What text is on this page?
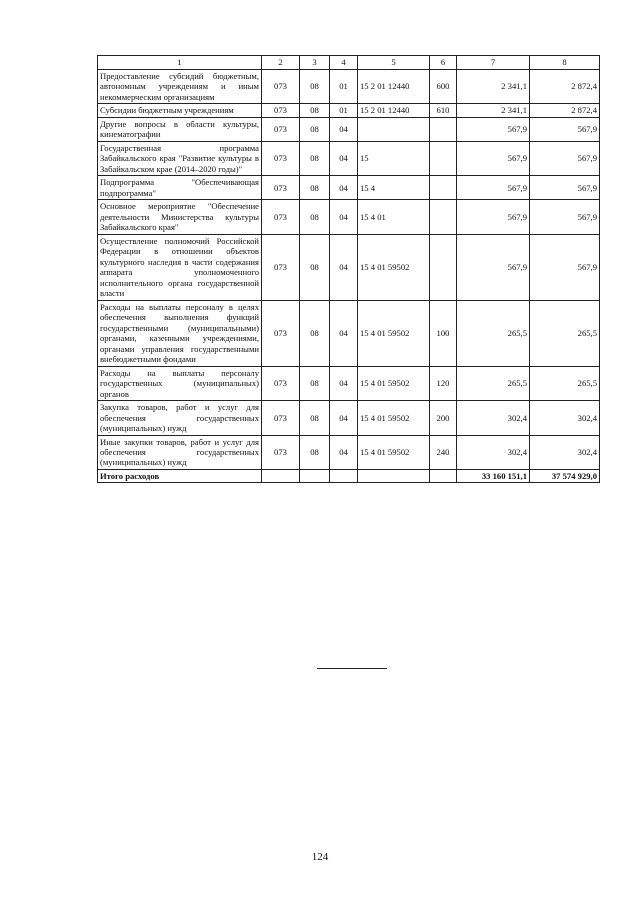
1	2	3	4	5	6	7	8
Предоставление субсидий бюджетным, автономным учреждениям и иным некоммерческим организациям	073	08	01	15 2 01 12440	600	2 341,1	2 872,4
Субсидии бюджетным учреждениям	073	08	01	15 2 01 12440	610	2 341,1	2 872,4
Другие вопросы в области культуры, кинематографии	073	08	04			567,9	567,9
Государственная программа Забайкальского края "Развитие культуры в Забайкальском крае (2014–2020 годы)"	073	08	04	15		567,9	567,9
Подпрограмма "Обеспечивающая подпрограмма"	073	08	04	15 4		567,9	567,9
Основное мероприятие "Обеспечение деятельности Министерства культуры Забайкальского края"	073	08	04	15 4 01		567,9	567,9
Осуществление полномочий Российской Федерации в отношении объектов культурного наследия в части содержания аппарата уполномоченного исполнительного органа государственной власти	073	08	04	15 4 01 59502		567,9	567,9
Расходы на выплаты персоналу в целях обеспечения выполнения функций государственными (муниципальными) органами, казенными учреждениями, органами управления государственными внебюджетными фондами	073	08	04	15 4 01 59502	100	265,5	265,5
Расходы на выплаты персоналу государственных (муниципальных) органов	073	08	04	15 4 01 59502	120	265,5	265,5
Закупка товаров, работ и услуг для обеспечения государственных (муниципальных) нужд	073	08	04	15 4 01 59502	200	302,4	302,4
Иные закупки товаров, работ и услуг для обеспечения государственных (муниципальных) нужд	073	08	04	15 4 01 59502	240	302,4	302,4
Итого расходов						33 160 151,1	37 574 929,0
124
